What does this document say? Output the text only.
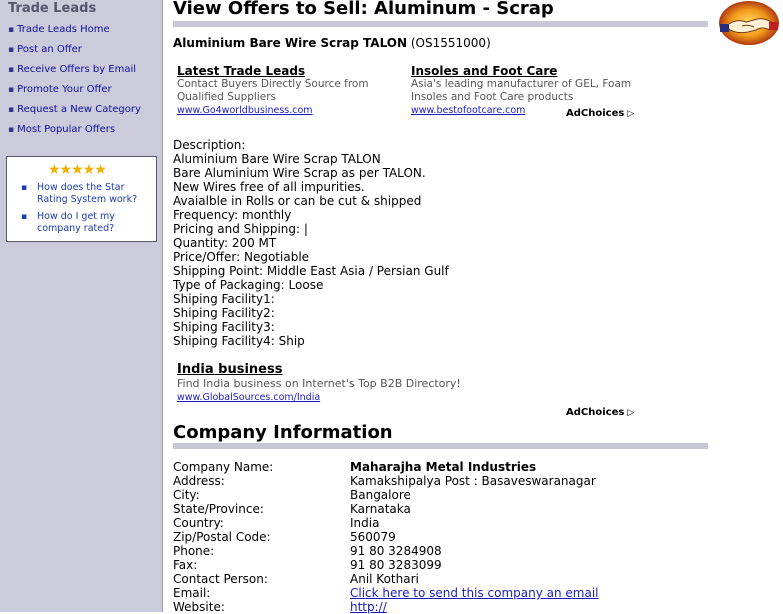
Trade Leads
▪ Trade Leads Home
▪ Post an Offer
▪ Receive Offers by Email
▪ Promote Your Offer
▪ Request a New Category
▪ Most Popular Offers
★★★★★
▪ How does the Star Rating System work?
▪ How do I get my company rated?
View Offers to Sell: Aluminum - Scrap
Aluminium Bare Wire Scrap TALON (OS1551000)
Latest Trade Leads
Contact Buyers Directly Source from Qualified Suppliers
www.Go4worldbusiness.com
Insoles and Foot Care
Asia's leading manufacturer of GEL, Foam Insoles and Foot Care products
www.bestofootcare.com	AdChoices ▷
Description:
Aluminium Bare Wire Scrap TALON
Bare Aluminium Wire Scrap as per TALON.
New Wires free of all impurities.
Avaialble in Rolls or can be cut & shipped
Frequency: monthly
Pricing and Shipping: |
Quantity: 200 MT
Price/Offer: Negotiable
Shipping Point: Middle East Asia / Persian Gulf
Type of Packaging: Loose
Shiping Facility1:
Shiping Facility2:
Shiping Facility3:
Shiping Facility4: Ship
India business
Find India business on Internet's Top B2B Directory!
www.GlobalSources.com/India
AdChoices ▷
Company Information
Company Name:	Maharajha Metal Industries
Address:	Kamakshipalya Post : Basaveswaranagar
City:	Bangalore
State/Province:	Karnataka
Country:	India
Zip/Postal Code:	560079
Phone:	91 80 3284908
Fax:	91 80 3283099
Contact Person:	Anil Kothari
Email:	Click here to send this company an email
Website:	http://
